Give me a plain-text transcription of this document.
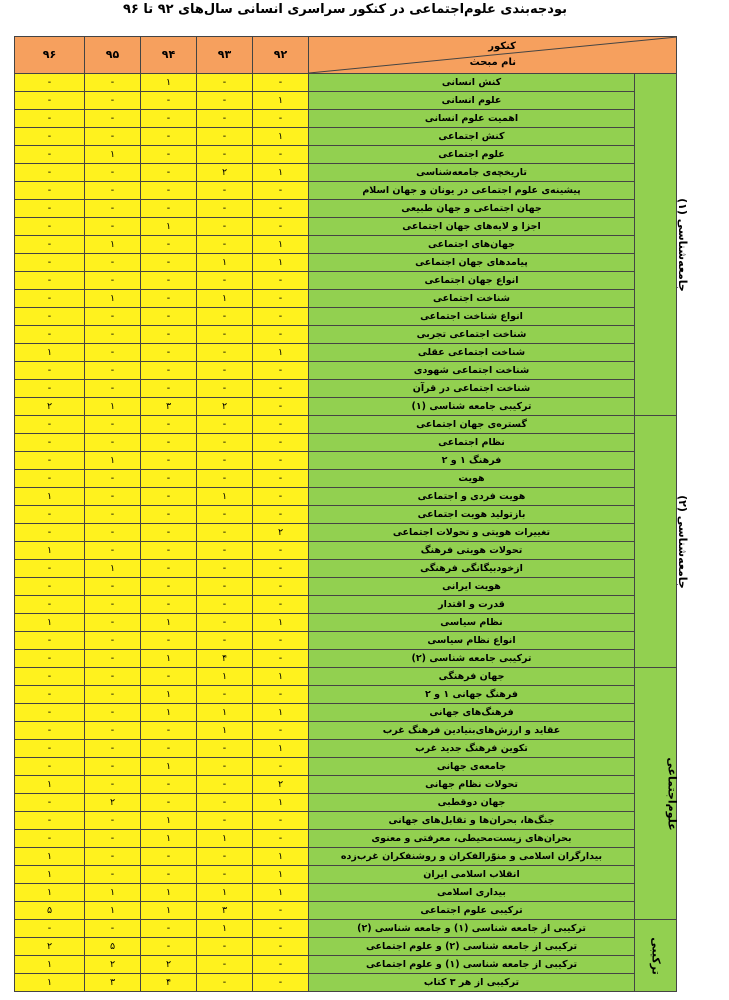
بودجه‌بندی علوم‌اجتماعی در کنکور سراسری انسانی سال‌های ۹۲ تا ۹۶
۹۶	۹۵	۹۴	۹۳	۹۲	کنکور
نام مبحث	

-	-	۱	-	-	کنش انسانی	جامعه‌شناسی (۱)
-	-	-	-	۱	علوم انسانی	
-	-	-	-	-	اهمیت علوم انسانی	
-	-	-	-	۱	کنش اجتماعی	
-	۱	-	-	-	علوم اجتماعی	
-	-	-	۲	۱	تاریخچه‌ی جامعه‌شناسی	
-	-	-	-	-	پیشینه‌ی علوم اجتماعی در یونان و جهان اسلام	
-	-	-	-	-	جهان اجتماعی و جهان طبیعی	
-	-	۱	-	-	اجزا و لایه‌های جهان اجتماعی	
-	۱	-	-	۱	جهان‌های اجتماعی	
-	-	-	۱	۱	پیامدهای جهان اجتماعی	
-	-	-	-	-	انواع جهان اجتماعی	
-	۱	-	۱	-	شناخت اجتماعی	
-	-	-	-	-	انواع شناخت اجتماعی	
-	-	-	-	-	شناخت اجتماعی تجربی	
۱	-	-	-	۱	شناخت اجتماعی عقلی	
-	-	-	-	-	شناخت اجتماعی شهودی	
-	-	-	-	-	شناخت اجتماعی در قرآن	
۲	۱	۳	۲	-	ترکیبی جامعه شناسی (۱)	
-	-	-	-	-	گستره‌ی جهان اجتماعی	جامعه‌شناسی (۲)
-	-	-	-	-	نظام اجتماعی	
-	۱	-	-	-	فرهنگ ۱ و ۲	
-	-	-	-	-	هویت	
۱	-	-	۱	-	هویت فردی و اجتماعی	
-	-	-	-	-	بازتولید هویت اجتماعی	
-	-	-	-	۲	تغییرات هویتی و تحولات اجتماعی	
۱	-	-	-	-	تحولات هویتی فرهنگ	
-	۱	-	-	-	ازخودبیگانگی فرهنگی	
-	-	-	-	-	هویت ایرانی	
-	-	-	-	-	قدرت و اقتدار	
۱	-	۱	-	۱	نظام سیاسی	
-	-	-	-	-	انواع نظام سیاسی	
-	-	۱	۴	-	ترکیبی جامعه شناسی (۲)	
-	-	-	۱	۱	جهان فرهنگی	علوم‌اجتماعی
-	-	۱	-	-	فرهنگ جهانی ۱ و ۲	
-	-	۱	۱	۱	فرهنگ‌های جهانی	
-	-	-	۱	-	عقاید و ارزش‌های‌بنیادین فرهنگ غرب	
-	-	-	-	۱	تکوین فرهنگ جدید غرب	
-	-	۱	-	-	جامعه‌ی جهانی	
۱	-	-	-	۲	تحولات نظام جهانی	
-	۲	-	-	۱	جهان دوقطبی	
-	-	۱	-	-	جنگ‌ها، بحران‌ها و تقابل‌های جهانی	
-	-	۱	۱	-	بحران‌های زیست‌محیطی، معرفتی و معنوی	
۱	-	-	-	۱	بیدارگران اسلامی و منوّرالفکران و روشنفکران غرب‌زده	
۱	-	-	-	۱	انقلاب اسلامی ایران	
۱	۱	۱	۱	۱	بیداری اسلامی	
۵	۱	۱	۳	-	ترکیبی علوم اجتماعی	
-	-	-	۱	-	ترکیبی از جامعه شناسی (۱) و جامعه شناسی (۲)	ترکیبی
۲	۵	-	-	-	ترکیبی از جامعه شناسی (۲) و علوم اجتماعی	
۱	۲	۲	-	-	ترکیبی از جامعه شناسی (۱) و علوم اجتماعی	
۱	۳	۴	-	-	ترکیبی از هر ۳ کتاب	
